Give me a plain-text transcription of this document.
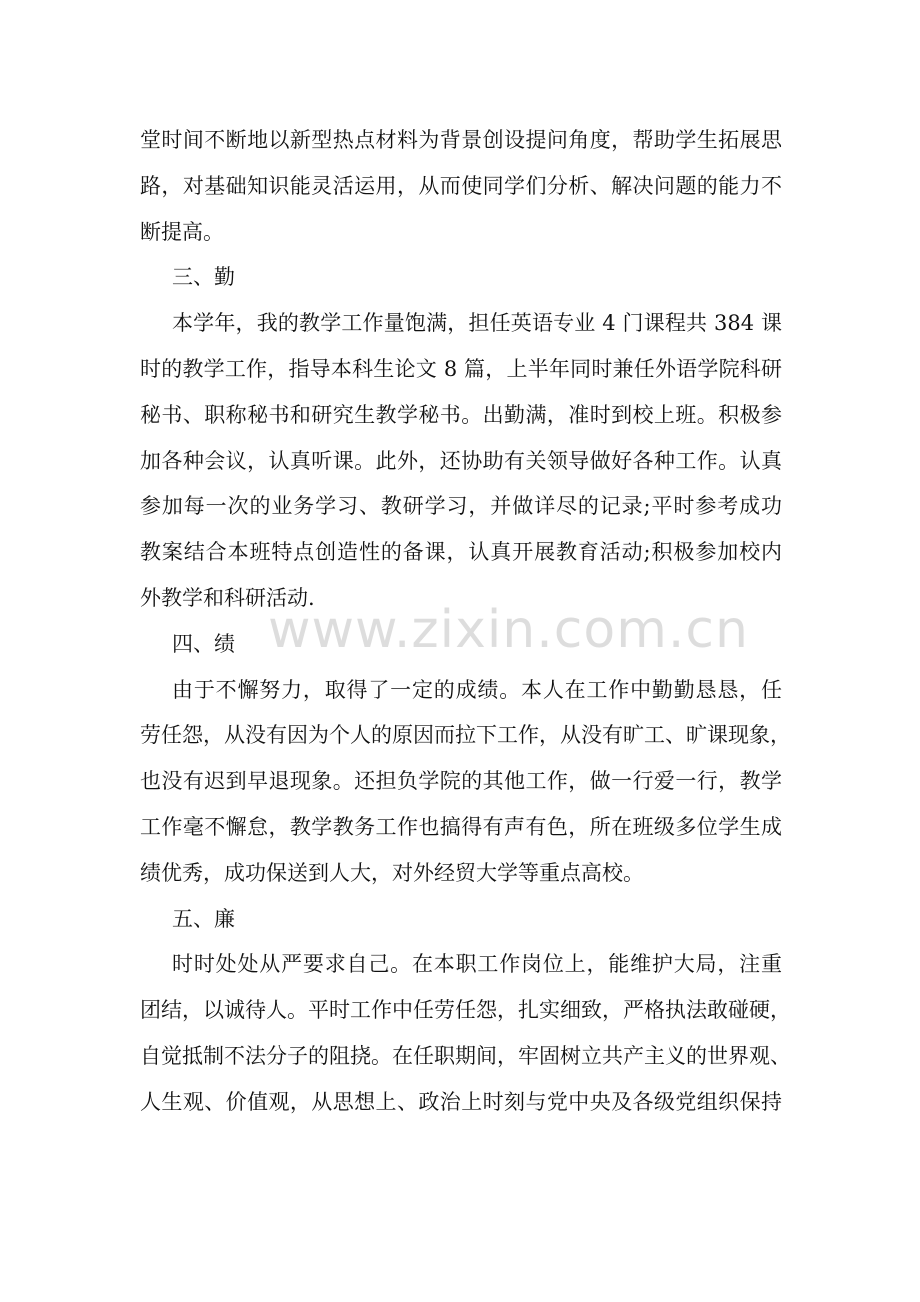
堂时间不断地以新型热点材料为背景创设提问角度，帮助学生拓展思
路，对基础知识能灵活运用，从而使同学们分析、解决问题的能力不
断提高。
三、勤
本学年，我的教学工作量饱满，担任英语专业 4 门课程共 384 课
时的教学工作，指导本科生论文 8 篇，上半年同时兼任外语学院科研
秘书、职称秘书和研究生教学秘书。出勤满，准时到校上班。积极参
加各种会议，认真听课。此外，还协助有关领导做好各种工作。认真
参加每一次的业务学习、教研学习，并做详尽的记录;平时参考成功
教案结合本班特点创造性的备课，认真开展教育活动;积极参加校内
外教学和科研活动.
四、绩
由于不懈努力，取得了一定的成绩。本人在工作中勤勤恳恳，任
劳任怨，从没有因为个人的原因而拉下工作，从没有旷工、旷课现象，
也没有迟到早退现象。还担负学院的其他工作，做一行爱一行，教学
工作毫不懈怠，教学教务工作也搞得有声有色，所在班级多位学生成
绩优秀，成功保送到人大，对外经贸大学等重点高校。
五、廉
时时处处从严要求自己。在本职工作岗位上，能维护大局，注重
团结，以诚待人。平时工作中任劳任怨，扎实细致，严格执法敢碰硬，
自觉抵制不法分子的阻挠。在任职期间，牢固树立共产主义的世界观、
人生观、价值观，从思想上、政治上时刻与党中央及各级党组织保持
www.zixin.com.cn
